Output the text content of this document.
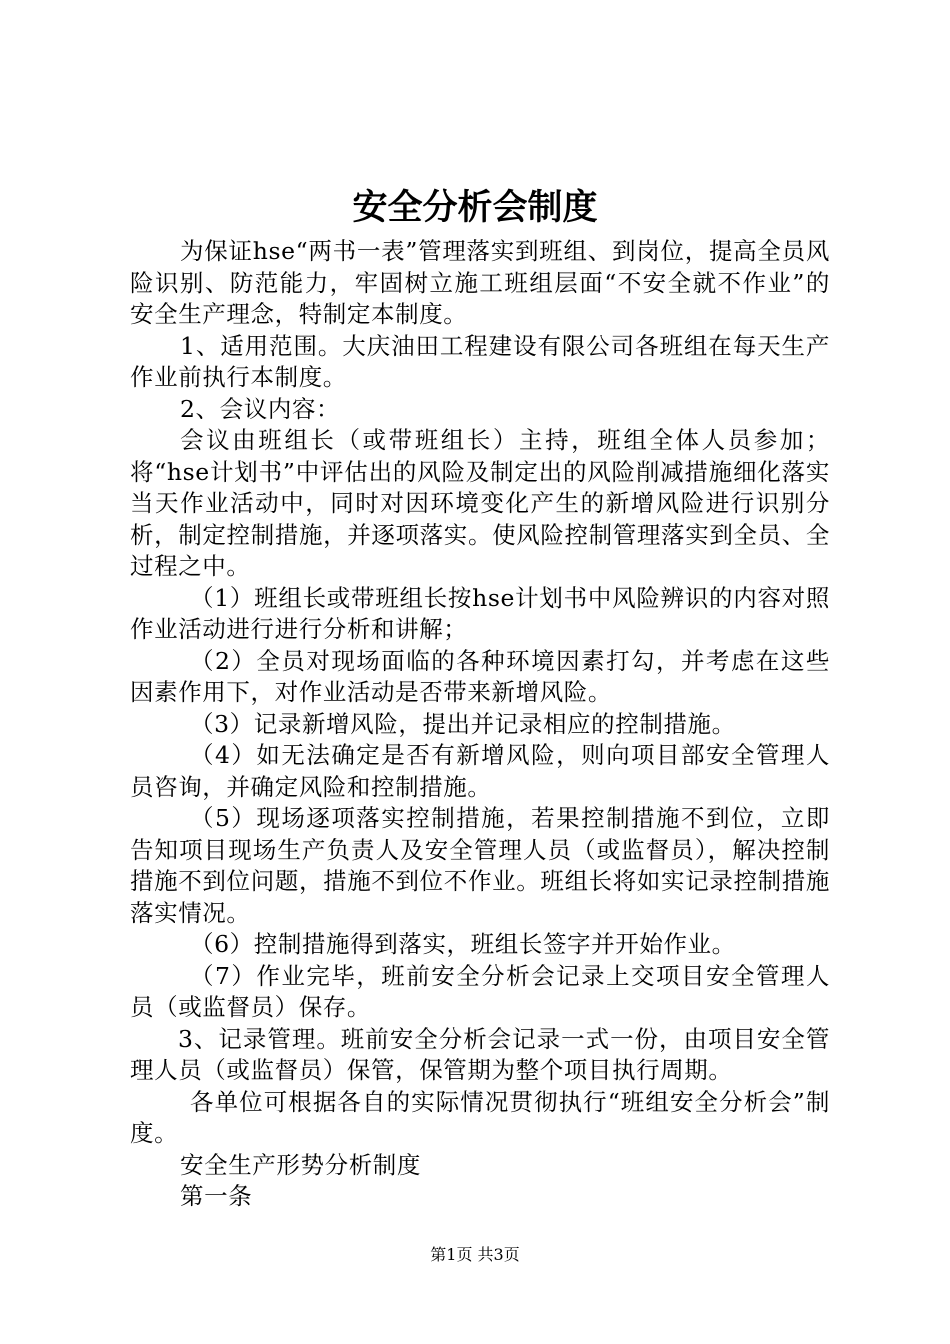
安全分析会制度

为保证hse“两书一表”管理落实到班组、到岗位，提高全员风险识别、防范能力，牢固树立施工班组层面“不安全就不作业”的安全生产理念，特制定本制度。

1、适用范围。大庆油田工程建设有限公司各班组在每天生产作业前执行本制度。

2、会议内容：

会议由班组长（或带班组长）主持，班组全体人员参加；将“hse计划书”中评估出的风险及制定出的风险削减措施细化落实当天作业活动中，同时对因环境变化产生的新增风险进行识别分析，制定控制措施，并逐项落实。使风险控制管理落实到全员、全过程之中。

（1）班组长或带班组长按hse计划书中风险辨识的内容对照作业活动进行进行分析和讲解；

（2）全员对现场面临的各种环境因素打勾，并考虑在这些因素作用下，对作业活动是否带来新增风险。

（3）记录新增风险，提出并记录相应的控制措施。

（4）如无法确定是否有新增风险，则向项目部安全管理人员咨询，并确定风险和控制措施。

（5）现场逐项落实控制措施，若果控制措施不到位，立即告知项目现场生产负责人及安全管理人员（或监督员），解决控制措施不到位问题，措施不到位不作业。班组长将如实记录控制措施落实情况。

（6）控制措施得到落实，班组长签字并开始作业。

（7）作业完毕，班前安全分析会记录上交项目安全管理人员（或监督员）保存。

3、记录管理。班前安全分析会记录一式一份，由项目安全管理人员（或监督员）保管，保管期为整个项目执行周期。

各单位可根据各自的实际情况贯彻执行“班组安全分析会”制度。

安全生产形势分析制度

第一条

第1页 共3页
